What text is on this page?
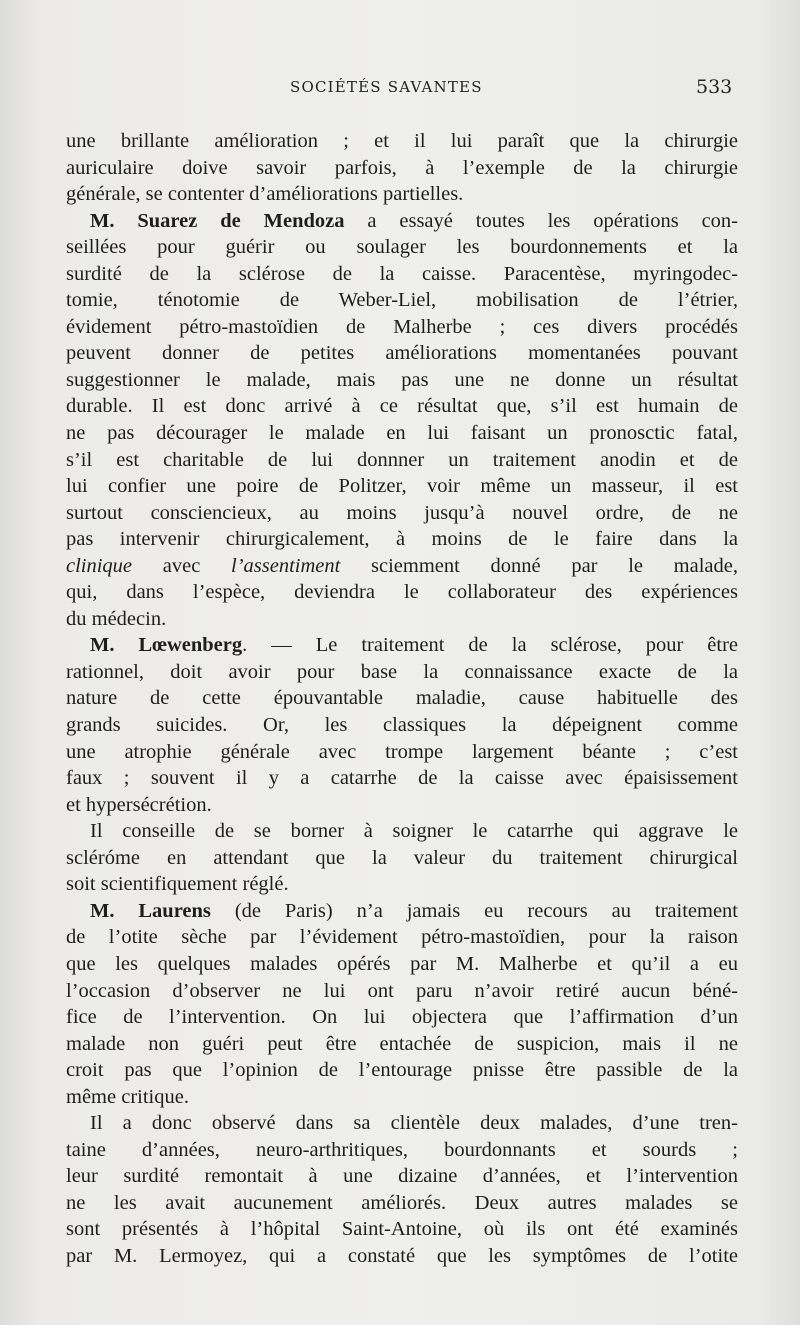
SOCIÉTÉS SAVANTES	533
une brillante amélioration ; et il lui paraît que la chirurgie
auriculaire doive savoir parfois, à l’exemple de la chirurgie
générale, se contenter d’améliorations partielles.
M. Suarez de Mendoza a essayé toutes les opérations con-
seillées pour guérir ou soulager les bourdonnements et la
surdité de la sclérose de la caisse. Paracentèse, myringodec-
tomie, ténotomie de Weber-Liel, mobilisation de l’étrier,
évidement pétro-mastoïdien de Malherbe ; ces divers procédés
peuvent donner de petites améliorations momentanées pouvant
suggestionner le malade, mais pas une ne donne un résultat
durable. Il est donc arrivé à ce résultat que, s’il est humain de
ne pas décourager le malade en lui faisant un pronosctic fatal,
s’il est charitable de lui donnner un traitement anodin et de
lui confier une poire de Politzer, voir même un masseur, il est
surtout consciencieux, au moins jusqu’à nouvel ordre, de ne
pas intervenir chirurgicalement, à moins de le faire dans la
clinique avec l’assentiment sciemment donné par le malade,
qui, dans l’espèce, deviendra le collaborateur des expériences
du médecin.
M. Lœwenberg. — Le traitement de la sclérose, pour être
rationnel, doit avoir pour base la connaissance exacte de la
nature de cette épouvantable maladie, cause habituelle des
grands suicides. Or, les classiques la dépeignent comme
une atrophie générale avec trompe largement béante ; c’est
faux ; souvent il y a catarrhe de la caisse avec épaisissement
et hypersécrétion.
Il conseille de se borner à soigner le catarrhe qui aggrave le
scléróme en attendant que la valeur du traitement chirurgical
soit scientifiquement réglé.
M. Laurens (de Paris) n’a jamais eu recours au traitement
de l’otite sèche par l’évidement pétro-mastoïdien, pour la raison
que les quelques malades opérés par M. Malherbe et qu’il a eu
l’occasion d’observer ne lui ont paru n’avoir retiré aucun béné-
fice de l’intervention. On lui objectera que l’affirmation d’un
malade non guéri peut être entachée de suspicion, mais il ne
croit pas que l’opinion de l’entourage pnisse être passible de la
même critique.
Il a donc observé dans sa clientèle deux malades, d’une tren-
taine d’années, neuro-arthritiques, bourdonnants et sourds ;
leur surdité remontait à une dizaine d’années, et l’intervention
ne les avait aucunement améliorés. Deux autres malades se
sont présentés à l’hôpital Saint-Antoine, où ils ont été examinés
par M. Lermoyez, qui a constaté que les symptômes de l’otite
